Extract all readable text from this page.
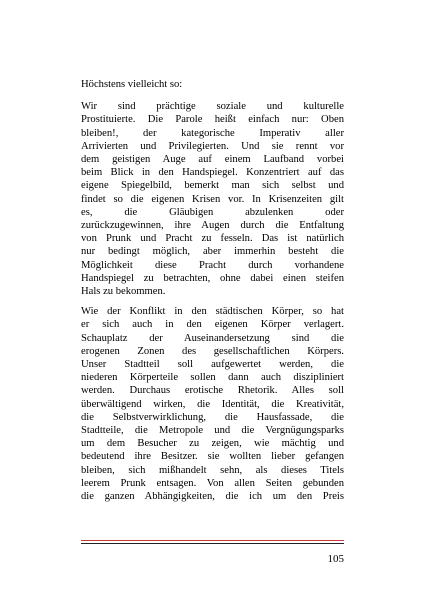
Höchstens vielleicht so:

Wir sind prächtige soziale und kulturelle
Prostituierte. Die Parole heißt einfach nur: Oben
bleiben!, der kategorische Imperativ aller
Arrivierten und Privilegierten. Und sie rennt vor
dem geistigen Auge auf einem Laufband vorbei
beim Blick in den Handspiegel. Konzentriert auf das
eigene Spiegelbild, bemerkt man sich selbst und
findet so die eigenen Krisen vor. In Krisenzeiten gilt
es, die Gläubigen abzulenken oder
zurückzugewinnen, ihre Augen durch die Entfaltung
von Prunk und Pracht zu fesseln. Das ist natürlich
nur bedingt möglich, aber immerhin besteht die
Möglichkeit diese Pracht durch vorhandene
Handspiegel zu betrachten, ohne dabei einen steifen
Hals zu bekommen.

Wie der Konflikt in den städtischen Körper, so hat
er sich auch in den eigenen Körper verlagert.
Schauplatz der Auseinandersetzung sind die
erogenen Zonen des gesellschaftlichen Körpers.
Unser Stadtteil soll aufgewertet werden, die
niederen Körperteile sollen dann auch diszipliniert
werden. Durchaus erotische Rhetorik. Alles soll
überwältigend wirken, die Identität, die Kreativität,
die Selbstverwirklichung, die Hausfassade, die
Stadtteile, die Metropole und die Vergnügungsparks
um dem Besucher zu zeigen, wie mächtig und
bedeutend ihre Besitzer. sie wollten lieber gefangen
bleiben, sich mißhandelt sehn, als dieses Titels
leerem Prunk entsagen. Von allen Seiten gebunden
die ganzen Abhängigkeiten, die ich um den Preis

105
